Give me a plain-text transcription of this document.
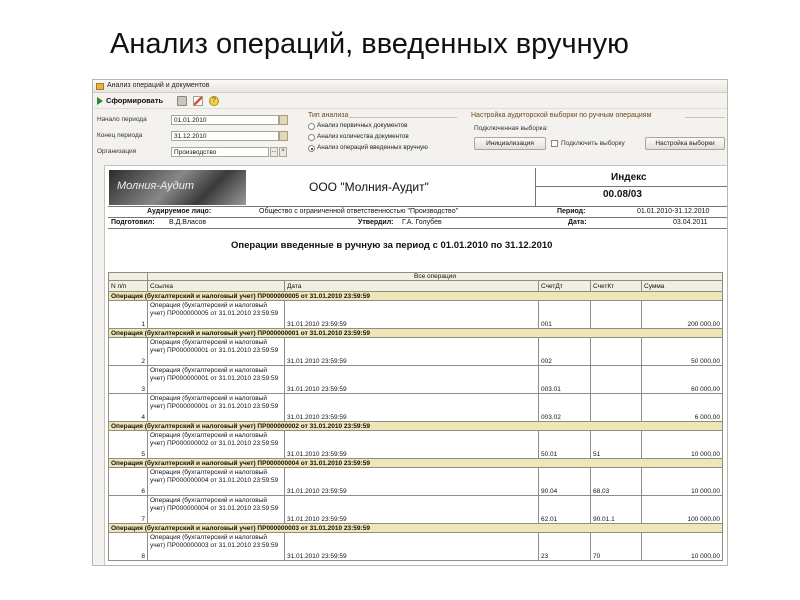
Анализ операций, введенных вручную
Анализ операций и документов
Сформировать	?
Начало периода	01.01.2010
Конец периода	31.12.2010
Организация	Производство	... ×
Тип анализа
Анализ первичных документов
Анализ количества документов
Анализ операций введенных вручную
Настройка аудиторской выборки по ручным операциям
Подключенная выборка:
Инициализация	Подключить выборку	Настройка выборки
Молния-Аудит	ООО "Молния-Аудит"
Индекс
00.08/03
Аудируемое лицо:	Общество с ограниченной ответственностью "Производство"	Период:	01.01.2010-31.12.2010
Подготовил: В.Д.Власов	Утвердил: Г.А. Голубев	Дата:	03.04.2011
Операции введенные в ручную за период с 01.01.2010 по 31.12.2010
	Все операции				
N п/п	Ссылка	Дата	СчетДт	СчетКт	Сумма
Операция (бухгалтерский и налоговый учет) ПР000000005 от 31.01.2010 23:59:59					
1	Операция (бухгалтерский и налоговый учет) ПР000000005 от 31.01.2010 23:59:59	31.01.2010 23:59:59	001		200 000,00
Операция (бухгалтерский и налоговый учет) ПР000000001 от 31.01.2010 23:59:59					
2	Операция (бухгалтерский и налоговый учет) ПР000000001 от 31.01.2010 23:59:59	31.01.2010 23:59:59	002		50 000,00
3	Операция (бухгалтерский и налоговый учет) ПР000000001 от 31.01.2010 23:59:59	31.01.2010 23:59:59	003.01		60 000,00
4	Операция (бухгалтерский и налоговый учет) ПР000000001 от 31.01.2010 23:59:59	31.01.2010 23:59:59	003.02		6 000,00
Операция (бухгалтерский и налоговый учет) ПР000000002 от 31.01.2010 23:59:59					
5	Операция (бухгалтерский и налоговый учет) ПР000000002 от 31.01.2010 23:59:59	31.01.2010 23:59:59	50.01	51	10 000,00
Операция (бухгалтерский и налоговый учет) ПР000000004 от 31.01.2010 23:59:59					
6	Операция (бухгалтерский и налоговый учет) ПР000000004 от 31.01.2010 23:59:59	31.01.2010 23:59:59	90.04	68.03	10 000,00
7	Операция (бухгалтерский и налоговый учет) ПР000000004 от 31.01.2010 23:59:59	31.01.2010 23:59:59	62.01	90.01.1	100 000,00
Операция (бухгалтерский и налоговый учет) ПР000000003 от 31.01.2010 23:59:59					
8	Операция (бухгалтерский и налоговый учет) ПР000000003 от 31.01.2010 23:59:59	31.01.2010 23:59:59	23	70	10 000,00
